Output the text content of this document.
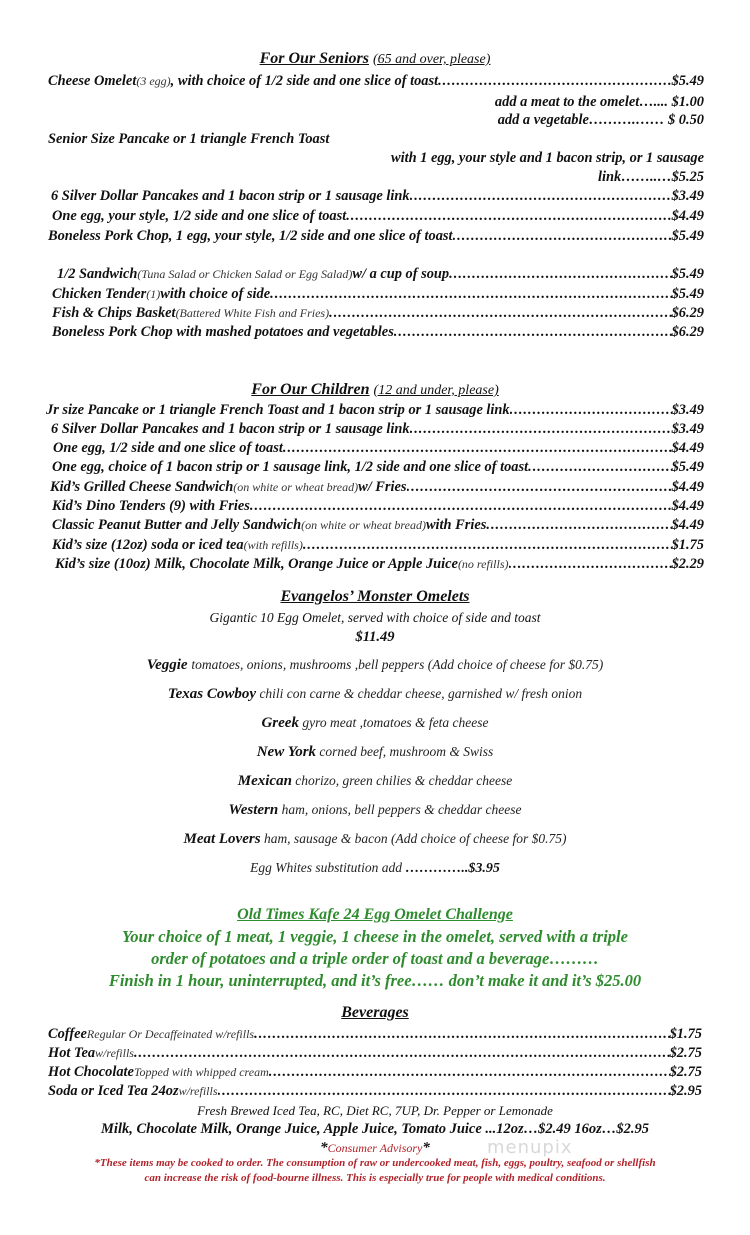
For Our Seniors (65 and over, please)
Cheese Omelet (3 egg) , with choice of 1/2 side and one slice of toast .....	$5.49
add a meat to the omelet….... $1.00
add a vegetable……….…… $ 0.50
Senior Size Pancake or 1 triangle French Toast
with 1 egg, your style and 1 bacon strip, or 1 sausage
link……..…$5.25
6 Silver Dollar Pancakes and 1 bacon strip or 1 sausage link .....	$3.49
One egg, your style, 1/2 side and one slice of toast .....	$4.49
Boneless Pork Chop, 1 egg, your style, 1/2 side and one slice of toast .....	$5.49
1/2 Sandwich (Tuna Salad or Chicken Salad or Egg Salad) w/ a cup of soup .....	$5.49
Chicken Tender (1) with choice of side .....	$5.49
Fish & Chips Basket (Battered White Fish and Fries) .....	$6.29
Boneless Pork Chop with mashed potatoes and vegetables .....	$6.29
For Our Children (12 and under, please)
Jr size Pancake or 1 triangle French Toast and 1 bacon strip or 1 sausage link .....	$3.49
6 Silver Dollar Pancakes and 1 bacon strip or 1 sausage link .....	$3.49
One egg, 1/2 side and one slice of toast .....	$4.49
One egg, choice of 1 bacon strip or 1 sausage link, 1/2 side and one slice of toast .....	$5.49
Kid’s Grilled Cheese Sandwich (on white or wheat bread) w/ Fries .....	$4.49
Kid’s Dino Tenders (9) with Fries .....	$4.49
Classic Peanut Butter and Jelly Sandwich (on white or wheat bread) with Fries .....	$4.49
Kid’s size (12oz) soda or iced tea (with refills) .....	$1.75
Kid’s size (10oz) Milk, Chocolate Milk, Orange Juice or Apple Juice (no refills) .....	$2.29
Evangelos’ Monster Omelets
Gigantic 10 Egg Omelet, served with choice of side and toast
$11.49
Veggie tomatoes, onions, mushrooms ,bell peppers (Add choice of cheese for $0.75)
Texas Cowboy chili con carne & cheddar cheese, garnished w/ fresh onion
Greek gyro meat ,tomatoes & feta cheese
New York corned beef, mushroom & Swiss
Mexican chorizo, green chilies & cheddar cheese
Western ham, onions, bell peppers & cheddar cheese
Meat Lovers ham, sausage & bacon (Add choice of cheese for $0.75)
Egg Whites substitution add …………..$3.95
Old Times Kafe 24 Egg Omelet Challenge
Your choice of 1 meat, 1 veggie, 1 cheese in the omelet, served with a triple
order of potatoes and a triple order of toast and a beverage………
Finish in 1 hour, uninterrupted, and it’s free…… don’t make it and it’s $25.00
Beverages
Coffee Regular Or Decaffeinated w/refills .....	$1.75
Hot Tea w/refills .....	$2.75
Hot Chocolate Topped with whipped cream .....	$2.75
Soda or Iced Tea 24oz w/refills .....	$2.95
Fresh Brewed Iced Tea, RC, Diet RC, 7UP, Dr. Pepper or Lemonade
Milk, Chocolate Milk, Orange Juice, Apple Juice, Tomato Juice ...12oz…$2.49 16oz…$2.95
*Consumer Advisory*
*These items may be cooked to order. The consumption of raw or undercooked meat, fish, eggs, poultry, seafood or shellfish
can increase the risk of food-bourne illness. This is especially true for people with medical conditions.
menupix
